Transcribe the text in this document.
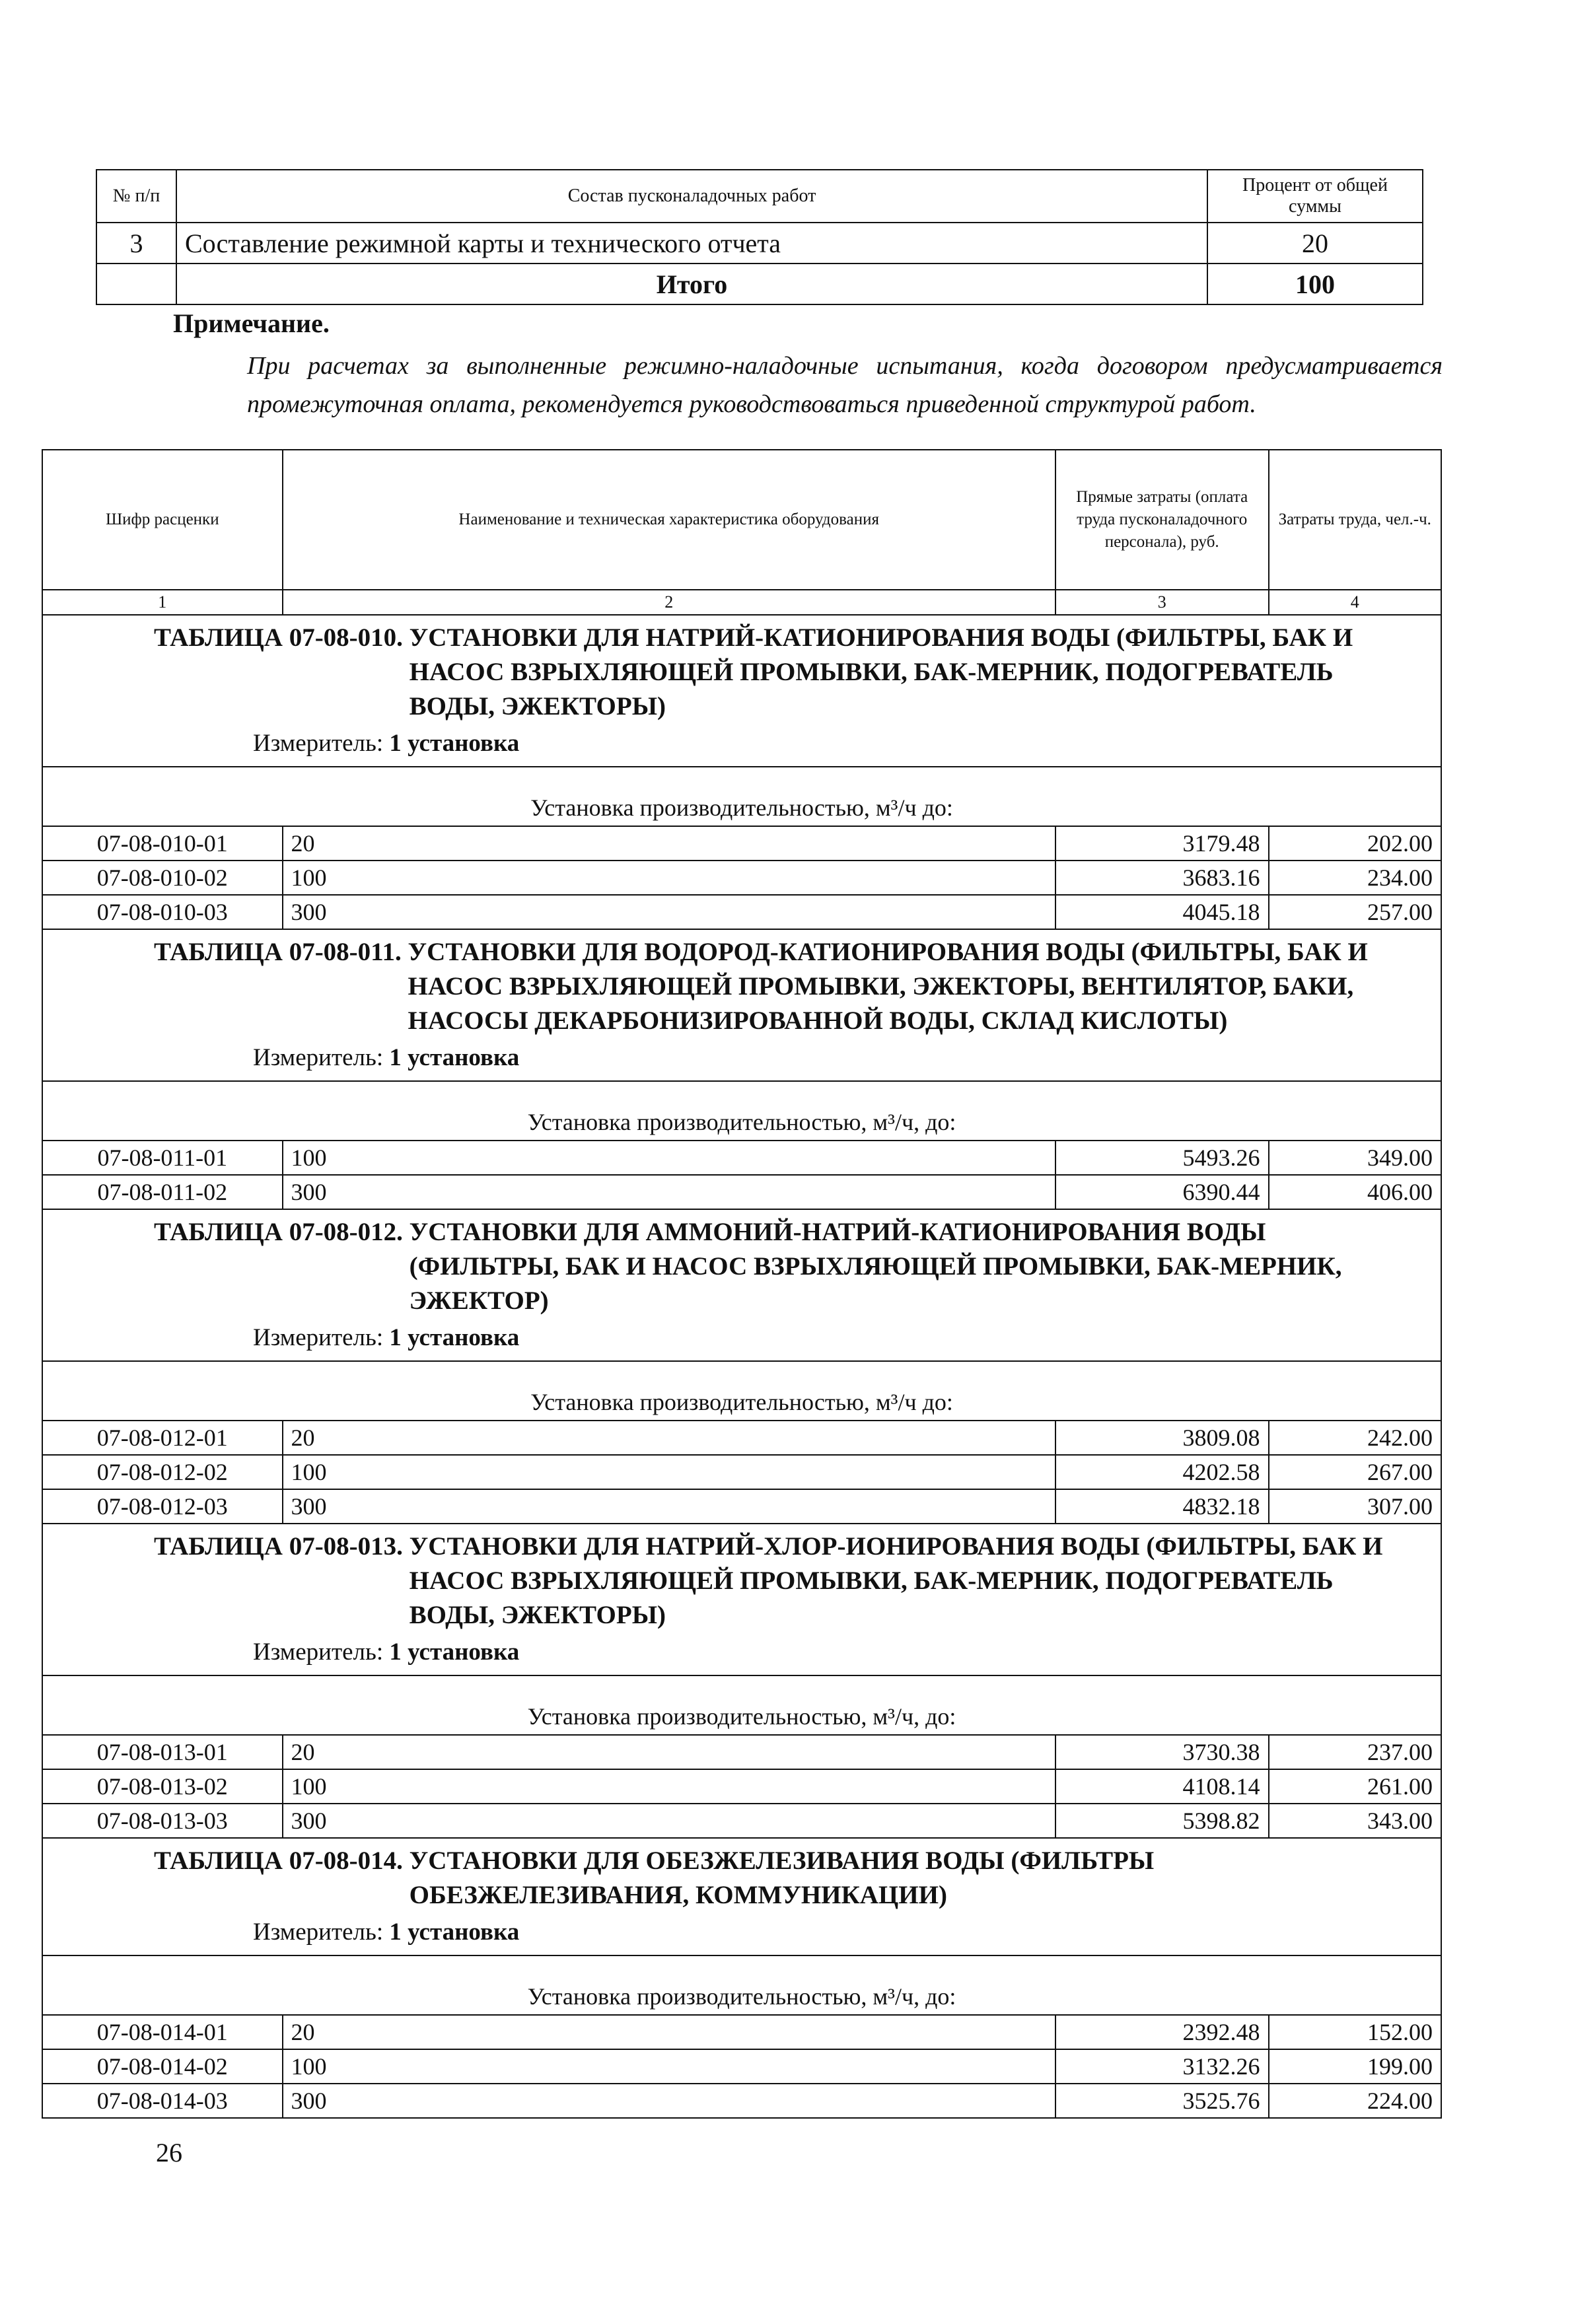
№ п/п	Состав пусконаладочных работ	Процент от общей суммы
3	Составление режимной карты и технического отчета	20
	Итого	100
Примечание.
При расчетах за выполненные режимно-наладочные испытания, когда договором предусматривается промежуточная оплата, рекомендуется руководствоваться приведенной структурой работ.
Шифр расценки	Наименование и техническая характеристика оборудования	Прямые затраты (оплата труда пусконаладочного персонала), руб.	Затраты труда, чел.-ч.
1	2	3	4

ТАБЛИЦА 07-08-010. УСТАНОВКИ ДЛЯ НАТРИЙ-КАТИОНИРОВАНИЯ ВОДЫ (ФИЛЬТРЫ, БАК И НАСОС ВЗРЫХЛЯЮЩЕЙ ПРОМЫВКИ, БАК-МЕРНИК, ПОДОГРЕВАТЕЛЬ ВОДЫ, ЭЖЕКТОРЫ)
Измеритель: 1 установка			

Установка производительностью, м³/ч до:			
07-08-010-01	20	3179.48	202.00
07-08-010-02	100	3683.16	234.00
07-08-010-03	300	4045.18	257.00

ТАБЛИЦА 07-08-011. УСТАНОВКИ ДЛЯ ВОДОРОД-КАТИОНИРОВАНИЯ ВОДЫ (ФИЛЬТРЫ, БАК И НАСОС ВЗРЫХЛЯЮЩЕЙ ПРОМЫВКИ, ЭЖЕКТОРЫ, ВЕНТИЛЯТОР, БАКИ, НАСОСЫ ДЕКАРБОНИЗИРОВАННОЙ ВОДЫ, СКЛАД КИСЛОТЫ)
Измеритель: 1 установка			

Установка производительностью, м³/ч, до:			
07-08-011-01	100	5493.26	349.00
07-08-011-02	300	6390.44	406.00

ТАБЛИЦА 07-08-012. УСТАНОВКИ ДЛЯ АММОНИЙ-НАТРИЙ-КАТИОНИРОВАНИЯ ВОДЫ (ФИЛЬТРЫ, БАК И НАСОС ВЗРЫХЛЯЮЩЕЙ ПРОМЫВКИ, БАК-МЕРНИК, ЭЖЕКТОР)
Измеритель: 1 установка			

Установка производительностью, м³/ч до:			
07-08-012-01	20	3809.08	242.00
07-08-012-02	100	4202.58	267.00
07-08-012-03	300	4832.18	307.00

ТАБЛИЦА 07-08-013. УСТАНОВКИ ДЛЯ НАТРИЙ-ХЛОР-ИОНИРОВАНИЯ ВОДЫ (ФИЛЬТРЫ, БАК И НАСОС ВЗРЫХЛЯЮЩЕЙ ПРОМЫВКИ, БАК-МЕРНИК, ПОДОГРЕВАТЕЛЬ ВОДЫ, ЭЖЕКТОРЫ)
Измеритель: 1 установка			

Установка производительностью, м³/ч, до:			
07-08-013-01	20	3730.38	237.00
07-08-013-02	100	4108.14	261.00
07-08-013-03	300	5398.82	343.00

ТАБЛИЦА 07-08-014. УСТАНОВКИ ДЛЯ ОБЕЗЖЕЛЕЗИВАНИЯ ВОДЫ (ФИЛЬТРЫ ОБЕЗЖЕЛЕЗИВАНИЯ, КОММУНИКАЦИИ)
Измеритель: 1 установка			

Установка производительностью, м³/ч, до:			
07-08-014-01	20	2392.48	152.00
07-08-014-02	100	3132.26	199.00
07-08-014-03	300	3525.76	224.00
26
